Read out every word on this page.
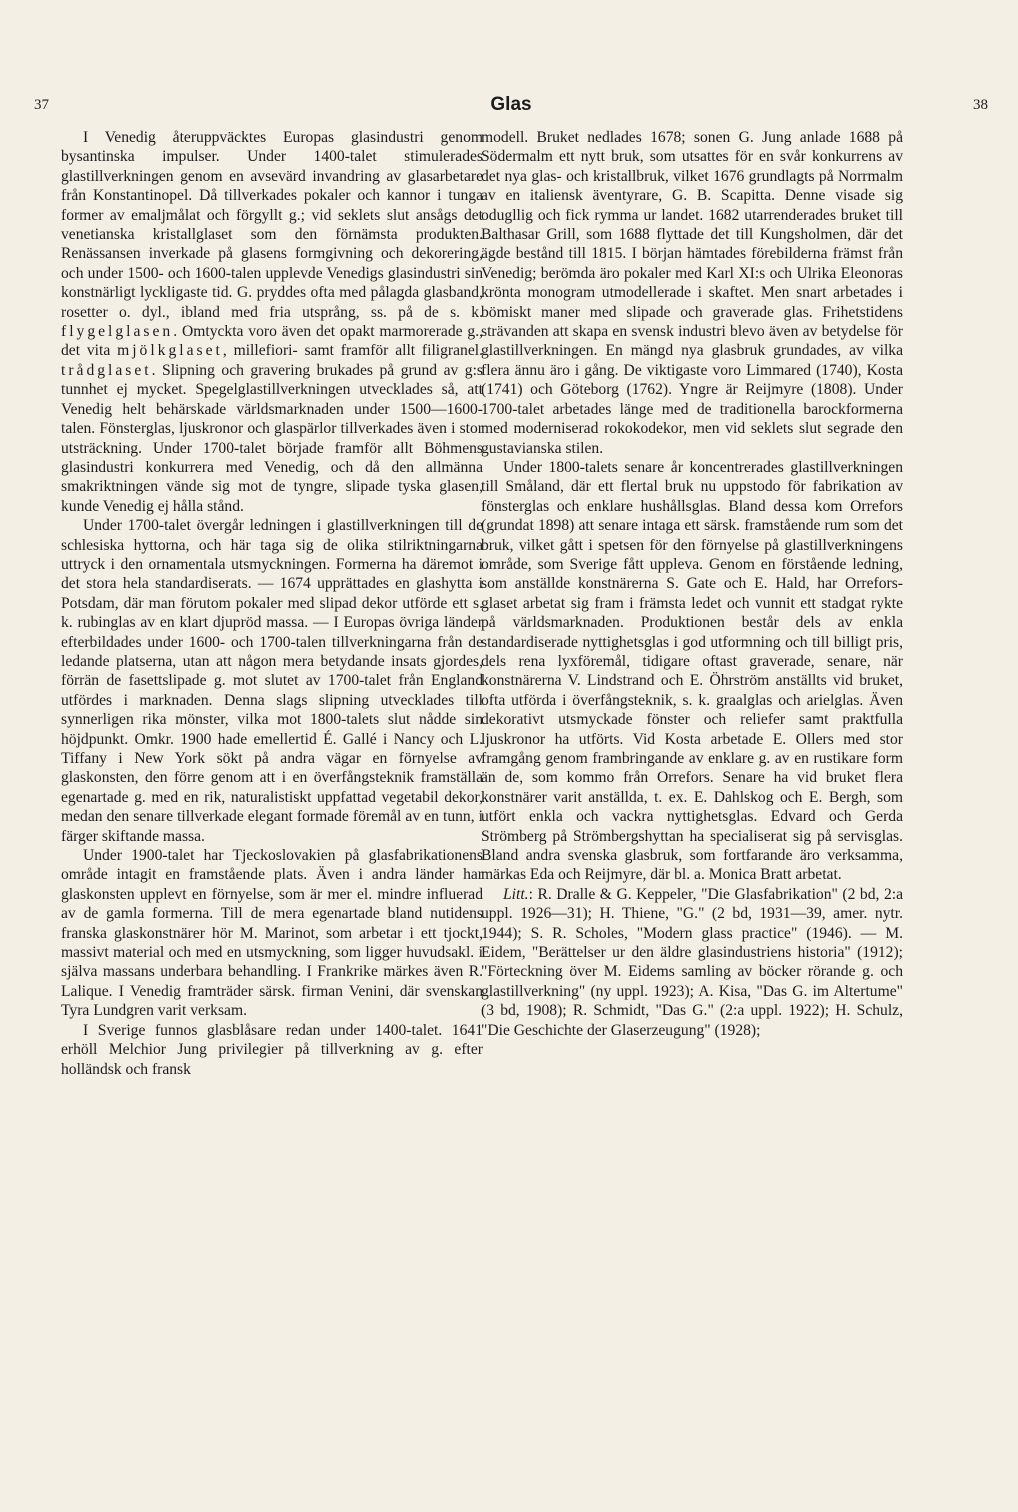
37	Glas	38

I Venedig återuppväcktes Europas glasindustri genom bysantinska impulser. Under 1400-talet stimulerades glastillverkningen genom en avsevärd invandring av glasarbetare från Konstantinopel. Då tillverkades pokaler och kannor i tunga former av emaljmålat och förgyllt g.; vid seklets slut ansågs det venetianska kristallglaset som den förnämsta produkten. Renässansen inverkade på glasens formgivning och dekorering, och under 1500- och 1600-talen upplevde Venedigs glasindustri sin konstnärligt lyckligaste tid. G. pryddes ofta med pålagda glasband, rosetter o. dyl., ibland med fria utsprång, ss. på de s. k. flygelglasen. Omtyckta voro även det opakt marmorerade g., det vita mjölkglaset, millefiori- samt framför allt filigranel. trådglaset. Slipning och gravering brukades på grund av g:s tunnhet ej mycket. Spegelglastillverkningen utvecklades så, att Venedig helt behärskade världsmarknaden under 1500—1600-talen. Fönsterglas, ljuskronor och glaspärlor tillverkades även i stor utsträckning. Under 1700-talet började framför allt Böhmens glasindustri konkurrera med Venedig, och då den allmänna smakriktningen vände sig mot de tyngre, slipade tyska glasen, kunde Venedig ej hålla stånd.

Under 1700-talet övergår ledningen i glastillverkningen till de schlesiska hyttorna, och här taga sig de olika stilriktningarna uttryck i den ornamentala utsmyckningen. Formerna ha däremot i det stora hela standardiserats. — 1674 upprättades en glashytta i Potsdam, där man förutom pokaler med slipad dekor utförde ett s. k. rubinglas av en klart djupröd massa. — I Europas övriga länder efterbildades under 1600- och 1700-talen tillverkningarna från de ledande platserna, utan att någon mera betydande insats gjordes, förrän de fasettslipade g. mot slutet av 1700-talet från England utfördes i marknaden. Denna slags slipning utvecklades till synnerligen rika mönster, vilka mot 1800-talets slut nådde sin höjdpunkt. Omkr. 1900 hade emellertid É. Gallé i Nancy och L. Tiffany i New York sökt på andra vägar en förnyelse av glaskonsten, den förre genom att i en överfångsteknik framställa egenartade g. med en rik, naturalistiskt uppfattad vegetabil dekor, medan den senare tillverkade elegant formade föremål av en tunn, i färger skiftande massa.

Under 1900-talet har Tjeckoslovakien på glasfabrikationens område intagit en framstående plats. Även i andra länder har glaskonsten upplevt en förnyelse, som är mer el. mindre influerad av de gamla formerna. Till de mera egenartade bland nutidens franska glaskonstnärer hör M. Marinot, som arbetar i ett tjockt, massivt material och med en utsmyckning, som ligger huvudsakl. i själva massans underbara behandling. I Frankrike märkes även R. Lalique. I Venedig framträder särsk. firman Venini, där svenskan Tyra Lundgren varit verksam.

I Sverige funnos glasblåsare redan under 1400-talet. 1641 erhöll Melchior Jung privilegier på tillverkning av g. efter holländsk och fransk

modell. Bruket nedlades 1678; sonen G. Jung anlade 1688 på Södermalm ett nytt bruk, som utsattes för en svår konkurrens av det nya glas- och kristallbruk, vilket 1676 grundlagts på Norrmalm av en italiensk äventyrare, G. B. Scapitta. Denne visade sig odugllig och fick rymma ur landet. 1682 utarrenderades bruket till Balthasar Grill, som 1688 flyttade det till Kungsholmen, där det ägde bestånd till 1815. I början hämtades förebilderna främst från Venedig; berömda äro pokaler med Karl XI:s och Ulrika Eleonoras krönta monogram utmodellerade i skaftet. Men snart arbetades i bömiskt maner med slipade och graverade glas. Frihetstidens strävanden att skapa en svensk industri blevo även av betydelse för glastillverkningen. En mängd nya glasbruk grundades, av vilka flera ännu äro i gång. De viktigaste voro Limmared (1740), Kosta (1741) och Göteborg (1762). Yngre är Reijmyre (1808). Under 1700-talet arbetades länge med de traditionella barockformerna med moderniserad rokokodekor, men vid seklets slut segrade den gustavianska stilen.

Under 1800-talets senare år koncentrerades glastillverkningen till Småland, där ett flertal bruk nu uppstodo för fabrikation av fönsterglas och enklare hushållsglas. Bland dessa kom Orrefors (grundat 1898) att senare intaga ett särsk. framstående rum som det bruk, vilket gått i spetsen för den förnyelse på glastillverkningens område, som Sverige fått uppleva. Genom en förstående ledning, som anställde konstnärerna S. Gate och E. Hald, har Orrefors-glaset arbetat sig fram i främsta ledet och vunnit ett stadgat rykte på världsmarknaden. Produktionen består dels av enkla standardiserade nyttighetsglas i god utformning och till billigt pris, dels rena lyxföremål, tidigare oftast graverade, senare, när konstnärerna V. Lindstrand och E. Öhrström anställts vid bruket, ofta utförda i överfångsteknik, s. k. graalglas och arielglas. Även dekorativt utsmyckade fönster och reliefer samt praktfulla ljuskronor ha utförts. Vid Kosta arbetade E. Ollers med stor framgång genom frambringande av enklare g. av en rustikare form än de, som kommo från Orrefors. Senare ha vid bruket flera konstnärer varit anställda, t. ex. E. Dahlskog och E. Bergh, som utfört enkla och vackra nyttighetsglas. Edvard och Gerda Strömberg på Strömbergshyttan ha specialiserat sig på servisglas. Bland andra svenska glasbruk, som fortfarande äro verksamma, märkas Eda och Reijmyre, där bl. a. Monica Bratt arbetat.

Litt.: R. Dralle & G. Keppeler, "Die Glasfabrikation" (2 bd, 2:a uppl. 1926—31); H. Thiene, "G." (2 bd, 1931—39, amer. nytr. 1944); S. R. Scholes, "Modern glass practice" (1946). — M. Eidem, "Berättelser ur den äldre glasindustriens historia" (1912); "Förteckning över M. Eidems samling av böcker rörande g. och glastillverkning" (ny uppl. 1923); A. Kisa, "Das G. im Altertume" (3 bd, 1908); R. Schmidt, "Das G." (2:a uppl. 1922); H. Schulz, "Die Geschichte der Glaserzeugung" (1928);
